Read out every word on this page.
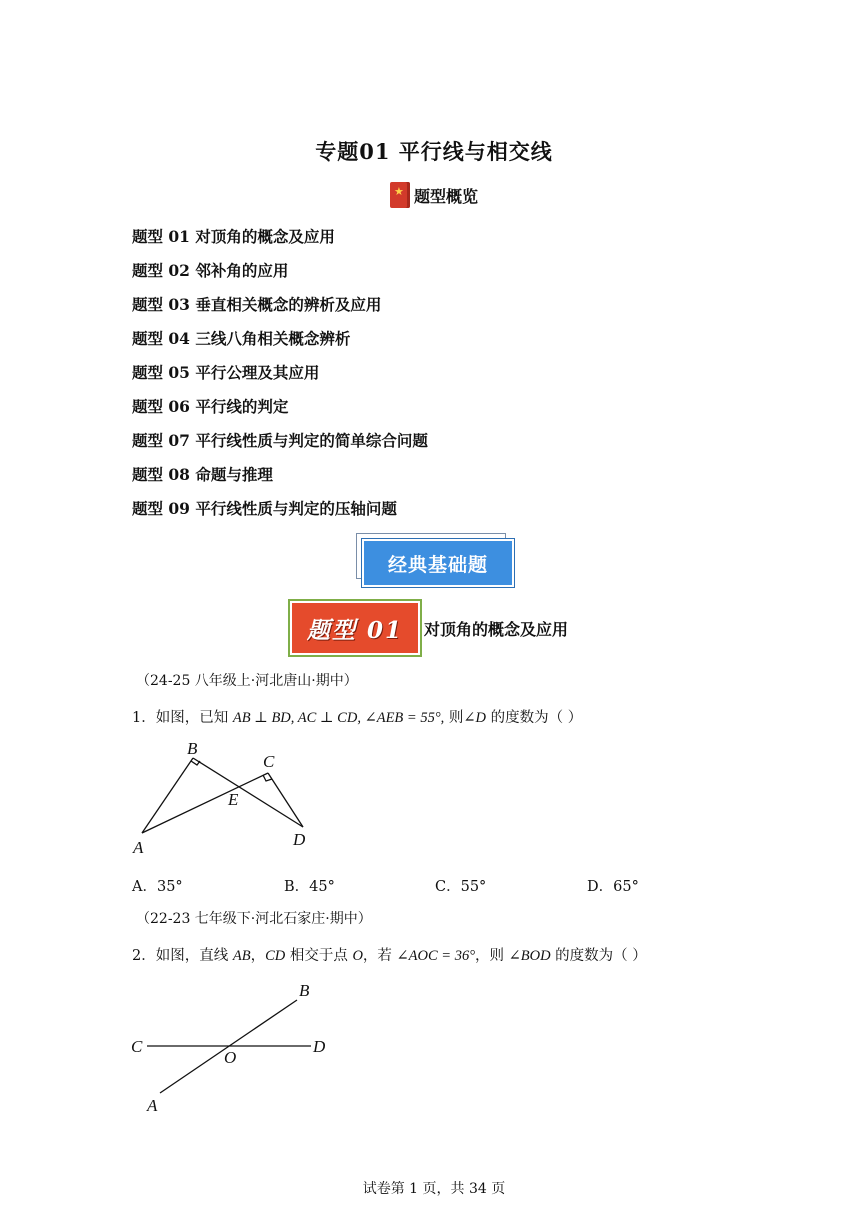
专题01 平行线与相交线
★
题型概览
题型 01 对顶角的概念及应用
题型 02 邻补角的应用
题型 03 垂直相关概念的辨析及应用
题型 04 三线八角相关概念辨析
题型 05 平行公理及其应用
题型 06 平行线的判定
题型 07 平行线性质与判定的简单综合问题
题型 08 命题与推理
题型 09 平行线性质与判定的压轴问题
经典基础题
题型 01	对顶角的概念及应用
（24-25 八年级上·河北唐山·期中）
1．如图，已知 AB ⊥ BD, AC ⊥ CD, ∠AEB = 55°, 则∠D 的度数为（ ）
A
B
C
D
E
A．35°	B．45°	C．55°	D．65°
（22-23 七年级下·河北石家庄·期中）
2．如图，直线 AB，CD 相交于点 O，若 ∠AOC = 36°，则 ∠BOD 的度数为（ ）
C	D
B
A
O
试卷第 1 页，共 34 页
